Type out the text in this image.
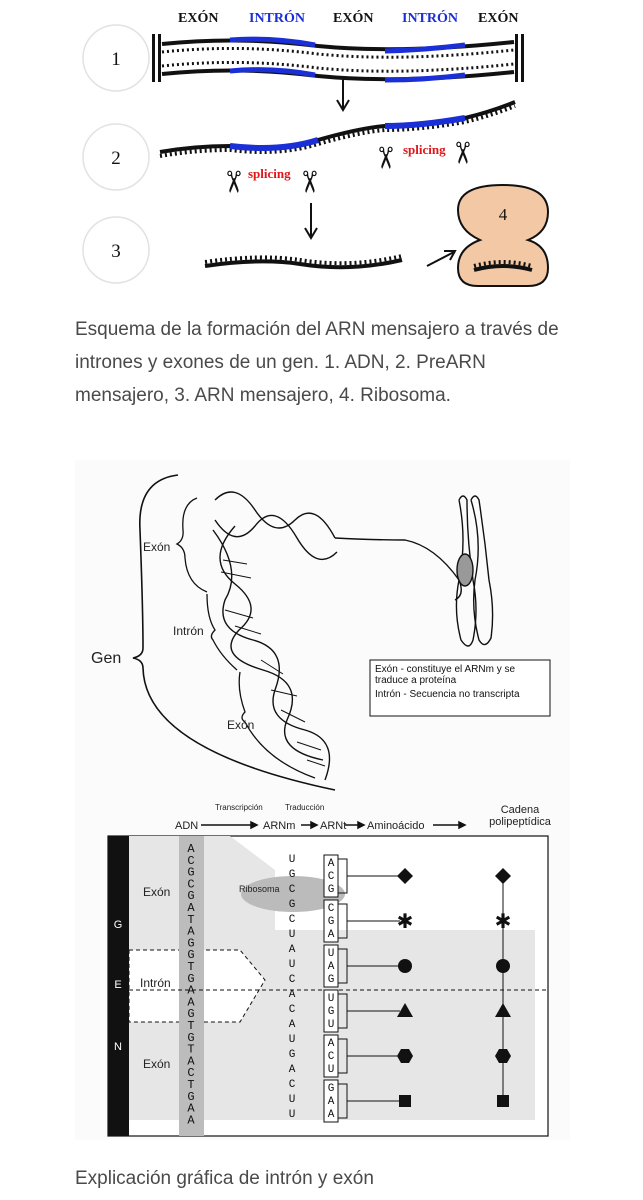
EXÓN INTRÓN EXÓN INTRÓN EXÓN
1
2
3
✂ ✂
✂ ✂
splicing
splicing
4

Esquema de la formación del ARN mensajero a través de intrones y exones de un gen. 1. ADN, 2. PreARN mensajero, 3. ARN mensajero, 4. Ribosoma.

Gen
Exón
Intrón
Exón
Exón - constituye el ARNm y se traduce a proteína
Intrón - Secuencia no transcripta
Transcripción	Traducción
ADN	ARNm ARNt Aminoácido
Cadena polipeptídica
G
E
N
Exón
Intrón
Exón
Ribosoma
A
C
G
C
G
A
T
A
G
G
T
G
A
A
G
T
G
T
A
C
T
G
A
A
U
G
C
G
C
U
A
U
C
A
C
A
U
G
A
C
U
U
A
C
G
C
G
A
U
A
G
U
G
U
A
C
U
G
A
A
✱	✱

Explicación gráfica de intrón y exón
